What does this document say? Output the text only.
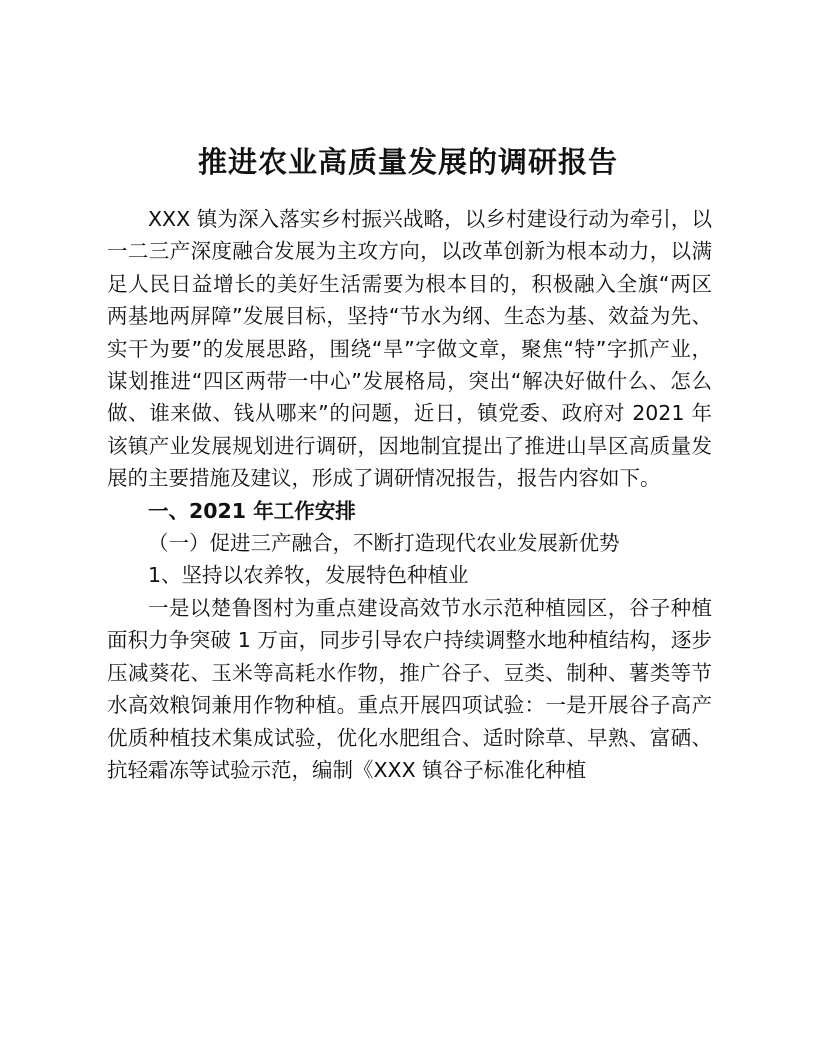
推进农业高质量发展的调研报告

XXX 镇为深入落实乡村振兴战略，以乡村建设行动为牵引，以一二三产深度融合发展为主攻方向，以改革创新为根本动力，以满足人民日益增长的美好生活需要为根本目的，积极融入全旗“两区两基地两屏障”发展目标，坚持“节水为纲、生态为基、效益为先、实干为要”的发展思路，围绕“旱”字做文章，聚焦“特”字抓产业，谋划推进“四区两带一中心”发展格局，突出“解决好做什么、怎么做、谁来做、钱从哪来”的问题，近日，镇党委、政府对 2021 年该镇产业发展规划进行调研，因地制宜提出了推进山旱区高质量发展的主要措施及建议，形成了调研情况报告，报告内容如下。

一、2021 年工作安排

（一）促进三产融合，不断打造现代农业发展新优势

1、坚持以农养牧，发展特色种植业

一是以楚鲁图村为重点建设高效节水示范种植园区，谷子种植面积力争突破 1 万亩，同步引导农户持续调整水地种植结构，逐步压减葵花、玉米等高耗水作物，推广谷子、豆类、制种、薯类等节水高效粮饲兼用作物种植。重点开展四项试验：一是开展谷子高产优质种植技术集成试验，优化水肥组合、适时除草、早熟、富硒、抗轻霜冻等试验示范，编制《XXX 镇谷子标准化种植
